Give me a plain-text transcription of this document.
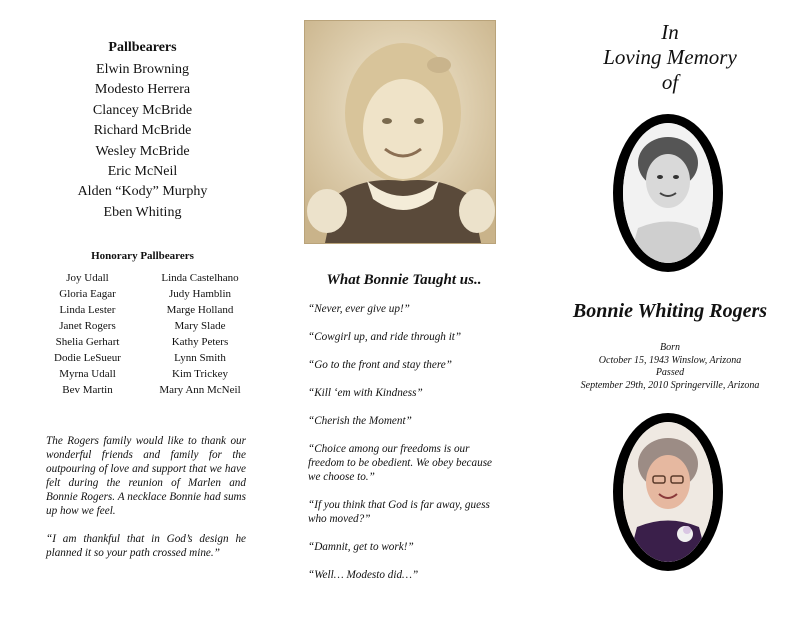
Pallbearers
Elwin Browning
Modesto Herrera
Clancey McBride
Richard McBride
Wesley McBride
Eric McNeil
Alden “Kody” Murphy
Eben Whiting
Honorary Pallbearers
Joy Udall
Gloria Eagar
Linda Lester
Janet Rogers
Shelia Gerhart
Dodie LeSueur
Myrna Udall
Bev Martin
Linda Castelhano
Judy Hamblin
Marge Holland
Mary Slade
Kathy Peters
Lynn Smith
Kim Trickey
Mary Ann McNeil

The Rogers family would like to thank our wonderful friends and family for the outpouring of love and support that we have felt during the reunion of Marlen and Bonnie Rogers. A necklace Bonnie had sums up how we feel.

“I am thankful that in God’s design he planned it so your path crossed mine.”

What Bonnie Taught us..
“Never, ever give up!”
“Cowgirl up, and ride through it”
“Go to the front and stay there”
“Kill ‘em with Kindness”
“Cherish the Moment”
“Choice among our freedoms is our freedom to be obedient. We obey because we choose to.”
“If you think that God is far away, guess who moved?”
“Damnit, get to work!”
“Well… Modesto did…”
In
Loving Memory
of
Bonnie Whiting Rogers
Born
October 15, 1943 Winslow, Arizona
Passed
September 29th, 2010 Springerville, Arizona
